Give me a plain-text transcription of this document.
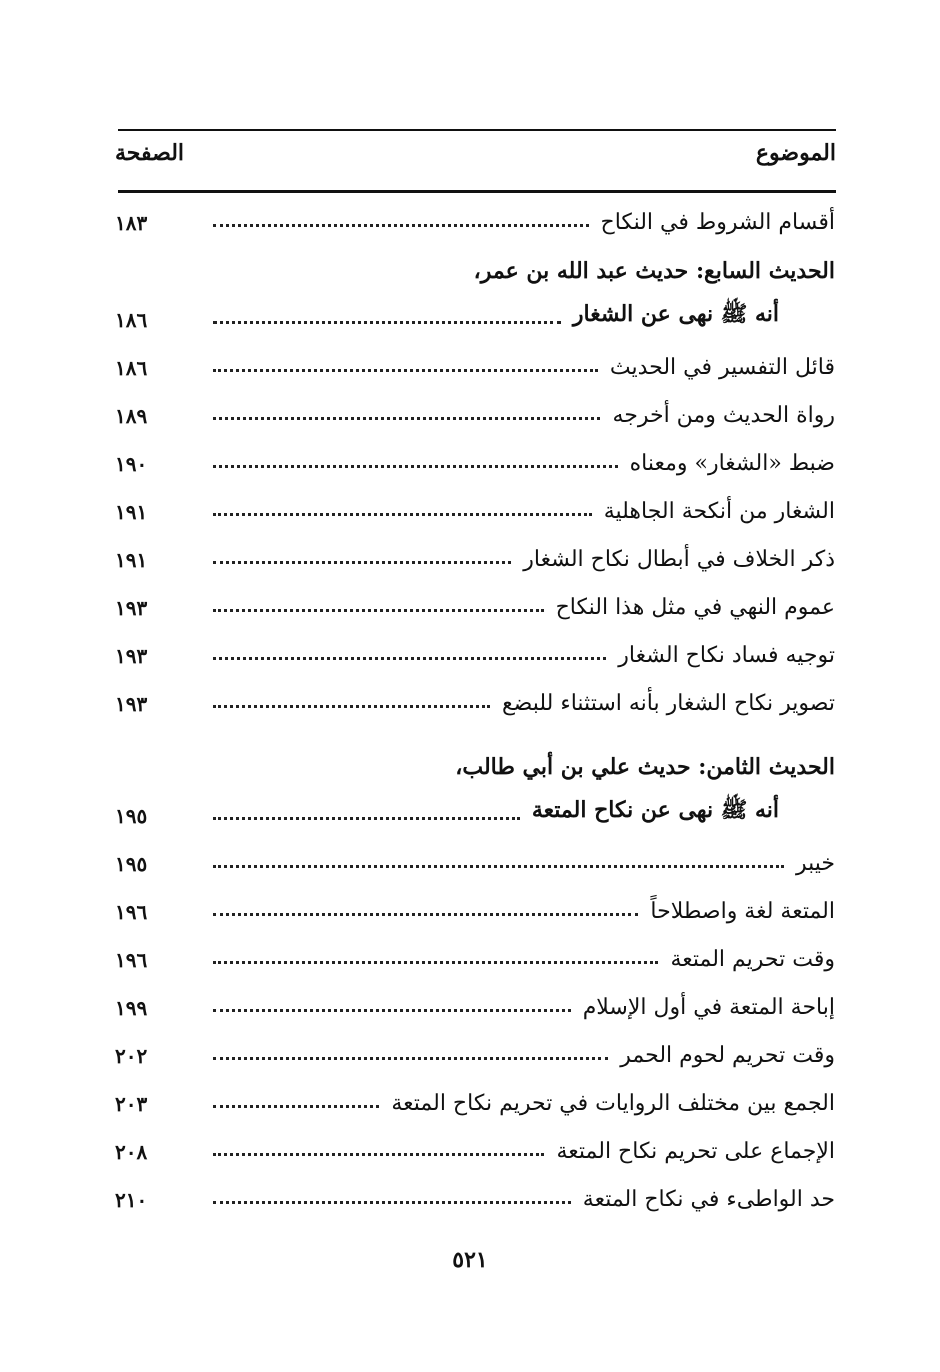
الموضوع
الصفحة
أقسام الشروط في النكاح
١٨٣
الحديث السابع: حديث عبد الله بن عمر،
أنه ﷺ نهى عن الشغار
١٨٦
قائل التفسير في الحديث
١٨٦
رواة الحديث ومن أخرجه
١٨٩
ضبط «الشغار» ومعناه
١٩٠
الشغار من أنكحة الجاهلية
١٩١
ذكر الخلاف في أبطال نكاح الشغار
١٩١
عموم النهي في مثل هذا النكاح
١٩٣
توجيه فساد نكاح الشغار
١٩٣
تصوير نكاح الشغار بأنه استثناء للبضع
١٩٣
الحديث الثامن: حديث علي بن أبي طالب،
أنه ﷺ نهى عن نكاح المتعة
١٩٥
خيبر
١٩٥
المتعة لغة واصطلاحاً
١٩٦
وقت تحريم المتعة
١٩٦
إباحة المتعة في أول الإسلام
١٩٩
وقت تحريم لحوم الحمر
٢٠٢
الجمع بين مختلف الروايات في تحريم نكاح المتعة
٢٠٣
الإجماع على تحريم نكاح المتعة
٢٠٨
حد الواطىء في نكاح المتعة
٢١٠
٥٢١
